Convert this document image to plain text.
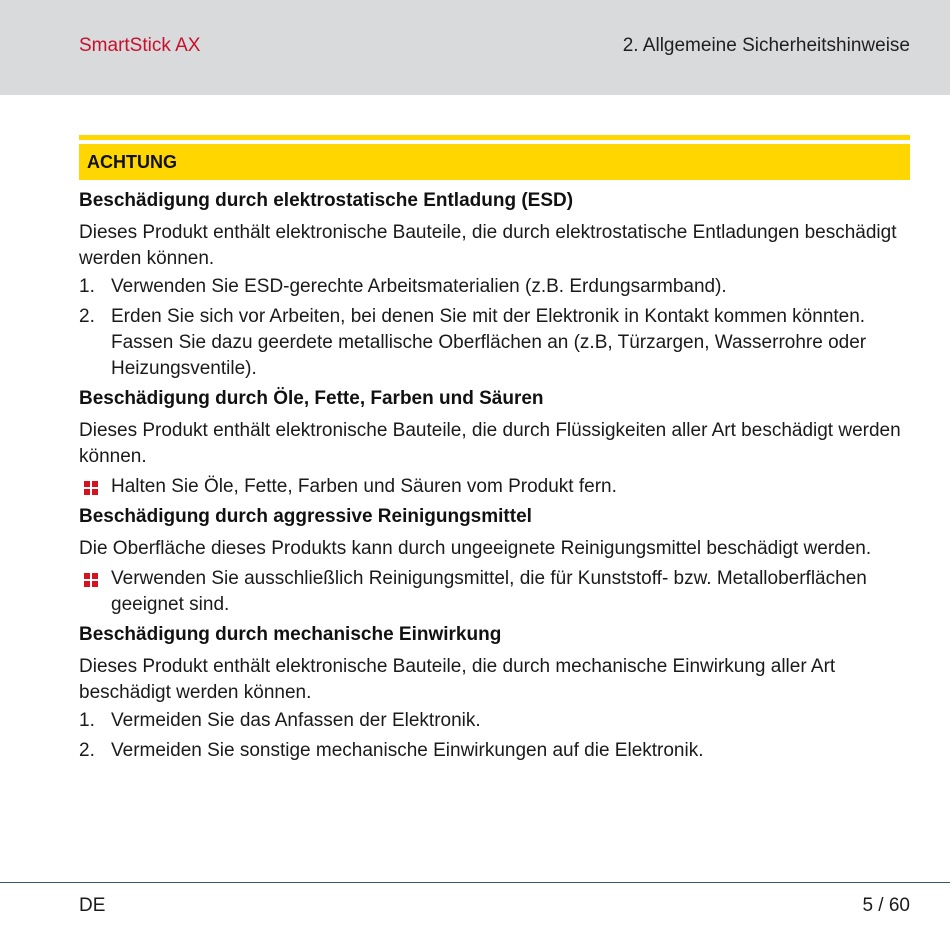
SmartStick AX	2. Allgemeine Sicherheitshinweise
ACHTUNG
Beschädigung durch elektrostatische Entladung (ESD)

Dieses Produkt enthält elektronische Bauteile, die durch elektrostatische Entladungen beschädigt werden können.

1. Verwenden Sie ESD-gerechte Arbeitsmaterialien (z.B. Erdungsarmband).
2. Erden Sie sich vor Arbeiten, bei denen Sie mit der Elektronik in Kontakt kommen könnten. Fassen Sie dazu geerdete metallische Oberflächen an (z.B, Türzargen, Wasserrohre oder Heizungsventile).
Beschädigung durch Öle, Fette, Farben und Säuren

Dieses Produkt enthält elektronische Bauteile, die durch Flüssigkeiten aller Art beschädigt werden können.

Halten Sie Öle, Fette, Farben und Säuren vom Produkt fern.
Beschädigung durch aggressive Reinigungsmittel

Die Oberfläche dieses Produkts kann durch ungeeignete Reinigungsmittel beschädigt werden.

Verwenden Sie ausschließlich Reinigungsmittel, die für Kunststoff- bzw. Metalloberflächen geeignet sind.
Beschädigung durch mechanische Einwirkung

Dieses Produkt enthält elektronische Bauteile, die durch mechanische Einwirkung aller Art beschädigt werden können.

1. Vermeiden Sie das Anfassen der Elektronik.
2. Vermeiden Sie sonstige mechanische Einwirkungen auf die Elektronik.
DE	5 / 60
